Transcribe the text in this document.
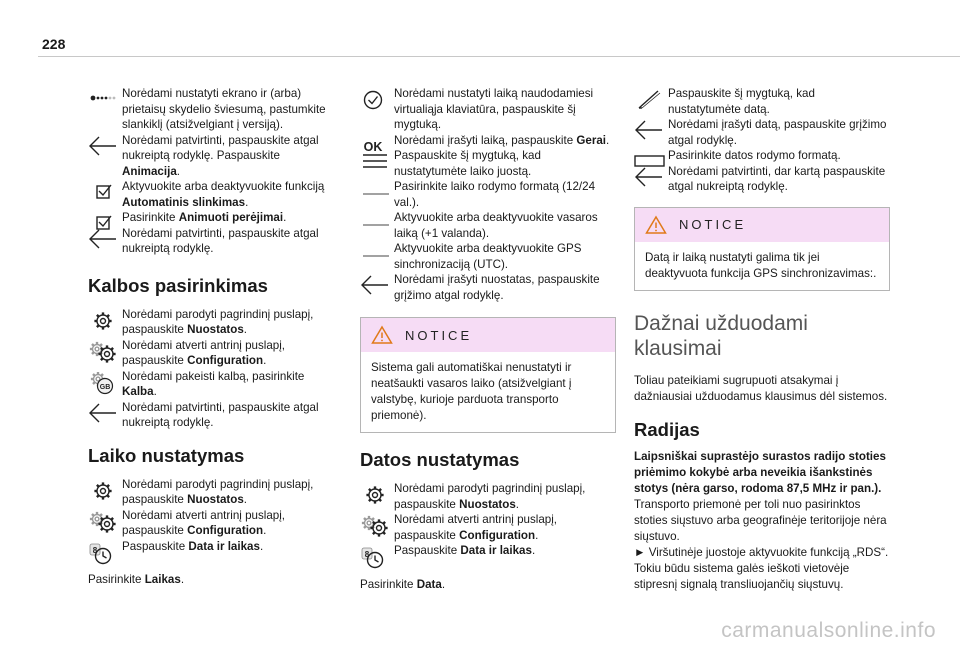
228
Norėdami nustatyti ekrano ir (arba) prietaisų skydelio šviesumą, pastumkite slankiklį (atsižvelgiant į versiją).
Norėdami patvirtinti, paspauskite atgal nukreiptą rodyklę. Paspauskite Animacija.
Aktyvuokite arba deaktyvuokite funkciją Automatinis slinkimas.
Pasirinkite Animuoti perėjimai.
Norėdami patvirtinti, paspauskite atgal nukreiptą rodyklę.
Kalbos pasirinkimas
Norėdami parodyti pagrindinį puslapį, paspauskite Nuostatos.
Norėdami atverti antrinį puslapį, paspauskite Configuration.
GB
Norėdami pakeisti kalbą, pasirinkite Kalba.
Norėdami patvirtinti, paspauskite atgal nukreiptą rodyklę.
Laiko nustatymas
Norėdami parodyti pagrindinį puslapį, paspauskite Nuostatos.
Norėdami atverti antrinį puslapį, paspauskite Configuration.
8	Paspauskite Data ir laikas.

Pasirinkite Laikas.

Norėdami nustatyti laiką naudodamiesi virtualiąja klaviatūra, paspauskite šį mygtuką.
OK	Norėdami įrašyti laiką, paspauskite Gerai.
Paspauskite šį mygtuką, kad nustatytumėte laiko juostą.
Pasirinkite laiko rodymo formatą (12/24 val.).
Aktyvuokite arba deaktyvuokite vasaros laiką (+1 valanda).
Aktyvuokite arba deaktyvuokite GPS sinchronizaciją (UTC).
Norėdami įrašyti nuostatas, paspauskite grįžimo atgal rodyklę.
NOTICE
Sistema gali automatiškai nenustatyti ir neatšaukti vasaros laiko (atsižvelgiant į valstybę, kurioje parduota transporto priemonė).
Datos nustatymas
Norėdami parodyti pagrindinį puslapį, paspauskite Nuostatos.
Norėdami atverti antrinį puslapį, paspauskite Configuration.
8	Paspauskite Data ir laikas.

Pasirinkite Data.

Paspauskite šį mygtuką, kad nustatytumėte datą.
Norėdami įrašyti datą, paspauskite grįžimo atgal rodyklę.
Pasirinkite datos rodymo formatą.
Norėdami patvirtinti, dar kartą paspauskite atgal nukreiptą rodyklę.
NOTICE
Datą ir laiką nustatyti galima tik jei deaktyvuota funkcija GPS sinchronizavimas:.
Dažnai užduodami klausimai

Toliau pateikiami sugrupuoti atsakymai į dažniausiai užduodamus klausimus dėl sistemos.

Radijas

Laipsniškai suprastėjo surastos radijo stoties priėmimo kokybė arba neveikia išankstinės stotys (nėra garso, rodoma 87,5 MHz ir pan.).

Transporto priemonė per toli nuo pasirinktos stoties siųstuvo arba geografinėje teritorijoje nėra siųstuvo.

► Viršutinėje juostoje aktyvuokite funkciją „RDS“. Tokiu būdu sistema galės ieškoti vietovėje stipresnį signalą transliuojančių siųstuvų.

carmanualsonline.info
